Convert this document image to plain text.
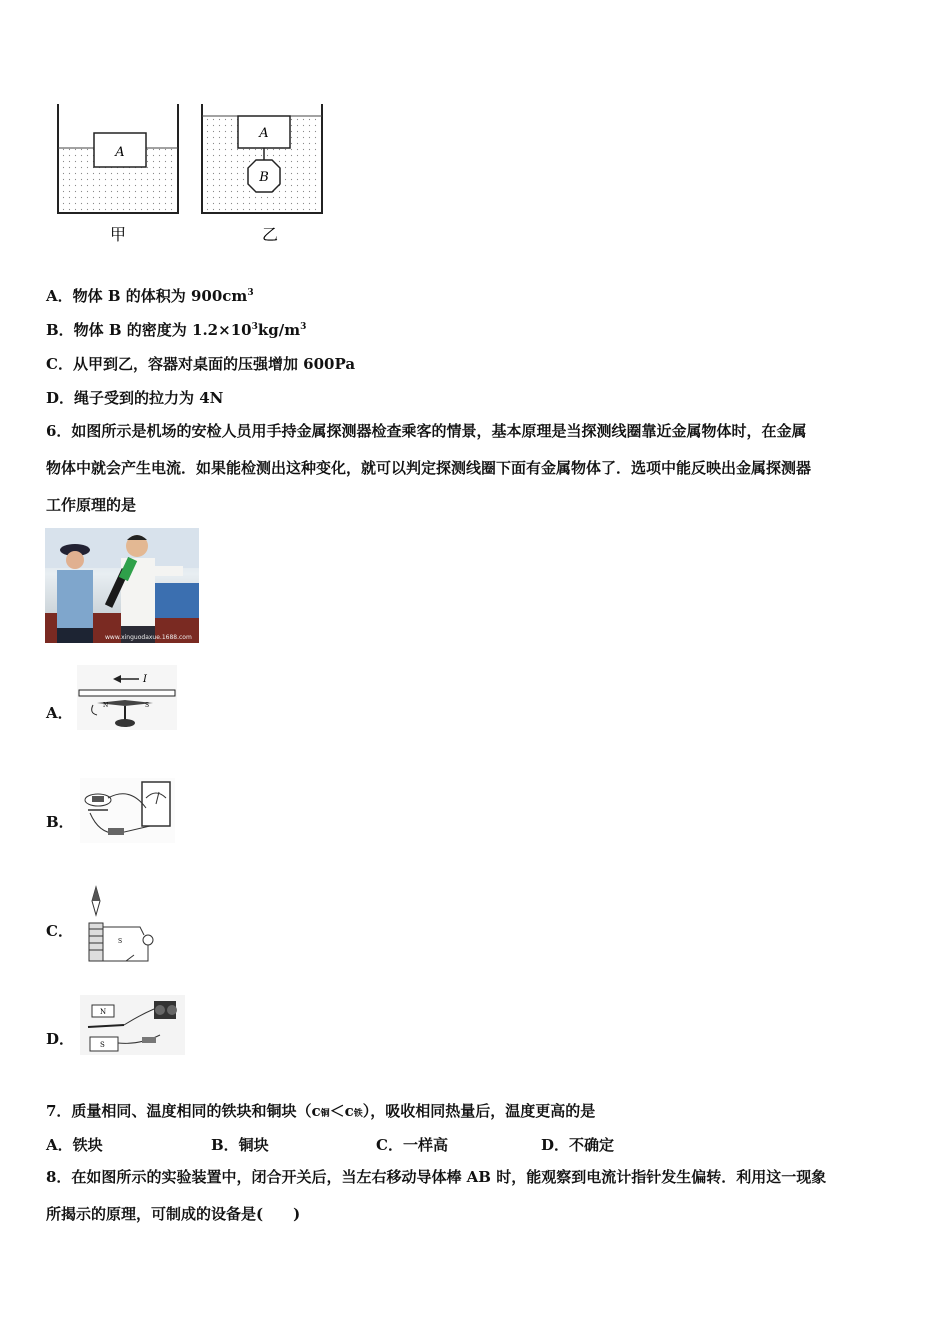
A
A
B
甲	乙
A．物体 B 的体积为 $900cm^3$
B．物体 B 的密度为 $1.2\times 10^3kg/m^3$
C．从甲到乙，容器对桌面的压强增加 600Pa
D．绳子受到的拉力为 4N
6．如图所示是机场的安检人员用手持金属探测器检查乘客的情景，基本原理是当探测线圈靠近金属物体时，在金属
物体中就会产生电流．如果能检测出这种变化，就可以判定探测线圈下面有金属物体了．选项中能反映出金属探测器
工作原理的是
www.xinguodaxue.1688.com
A．
I
N	S
B．
C．
S
D．
N
S
7．质量相同、温度相同的铁块和铜块（c铜＜c铁），吸收相同热量后，温度更高的是
A．铁块	B．铜块	C．一样高	D．不确定
8．在如图所示的实验装置中，闭合开关后，当左右移动导体棒 AB 时，能观察到电流计指针发生偏转．利用这一现象
所揭示的原理，可制成的设备是(　　)
